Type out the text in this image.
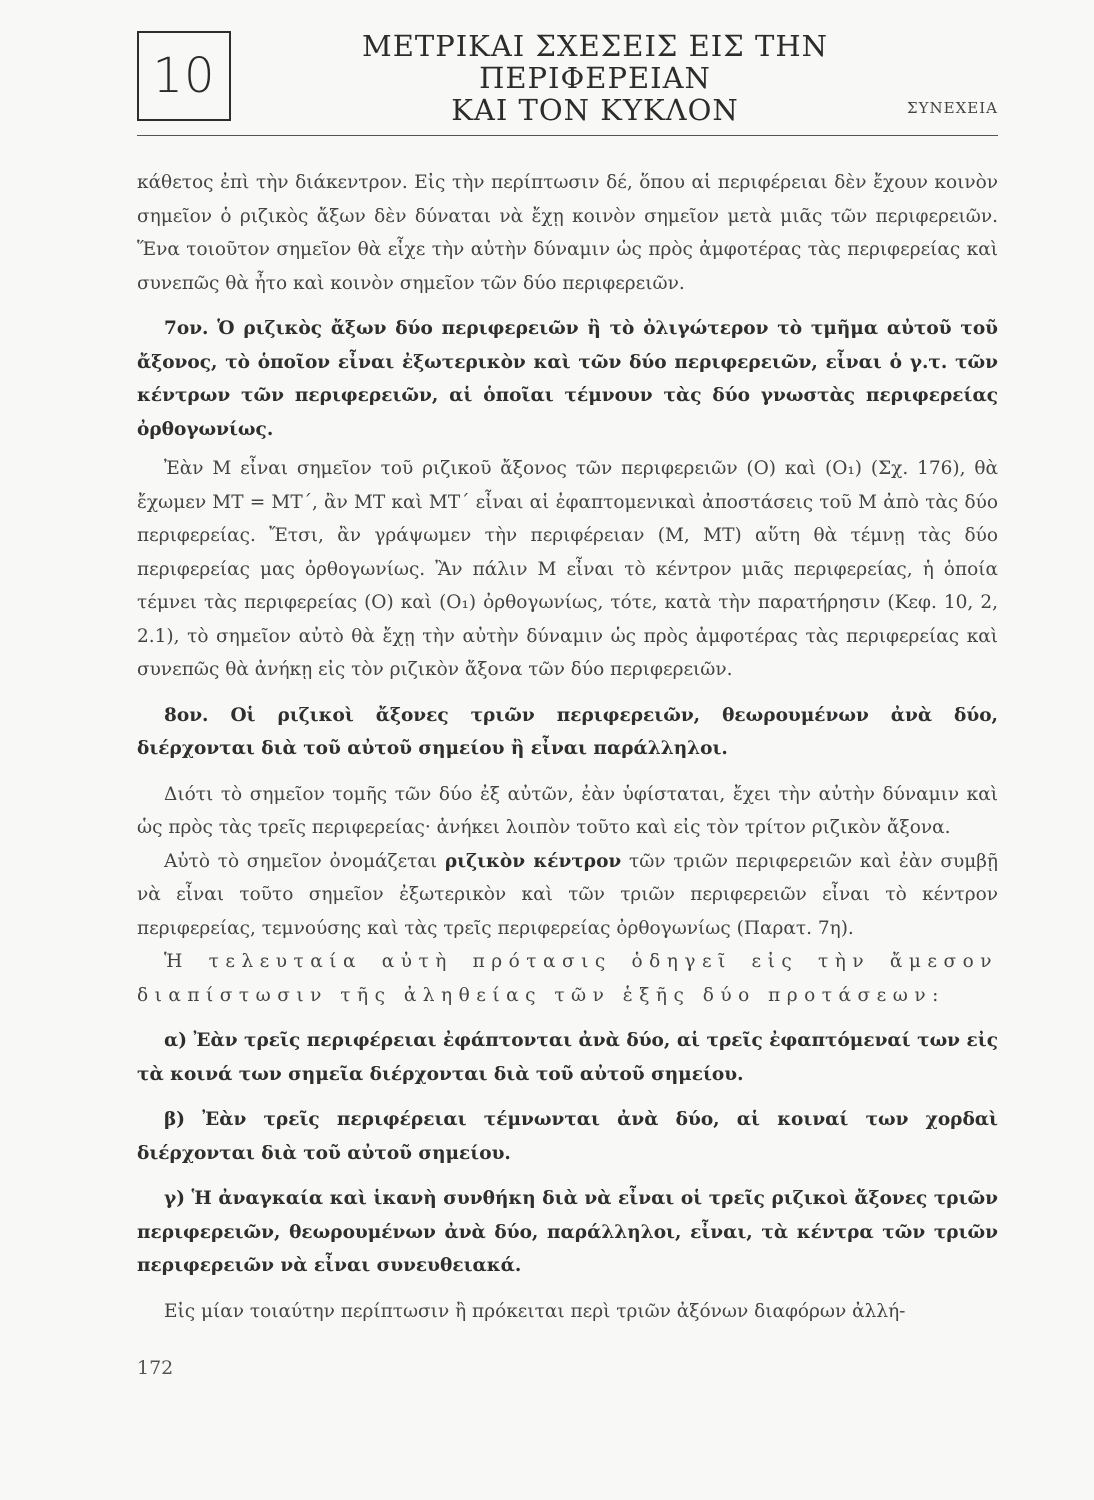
10
ΜΕΤΡΙΚΑΙ ΣΧΕΣΕΙΣ ΕΙΣ ΤΗΝ ΠΕΡΙΦΕΡΕΙΑΝ
ΚΑΙ ΤΟΝ ΚΥΚΛΟΝ	ΣΥΝΕΧΕΙΑ

κάθετος ἐπὶ τὴν διάκεντρον. Εἰς τὴν περίπτωσιν δέ, ὅπου αἱ περιφέρειαι δὲν ἔχουν κοινὸν σημεῖον ὁ ριζικὸς ἄξων δὲν δύναται νὰ ἔχῃ κοινὸν σημεῖον μετὰ μιᾶς τῶν περιφερειῶν. Ἕνα τοιοῦτον σημεῖον θὰ εἶχε τὴν αὐτὴν δύναμιν ὡς πρὸς ἀμφοτέρας τὰς περιφερείας καὶ συνεπῶς θὰ ἦτο καὶ κοινὸν σημεῖον τῶν δύο περιφερειῶν.

7ον. Ὁ ριζικὸς ἄξων δύο περιφερειῶν ἢ τὸ ὀλιγώτερον τὸ τμῆμα αὐτοῦ τοῦ ἄξονος, τὸ ὁποῖον εἶναι ἐξωτερικὸν καὶ τῶν δύο περιφερειῶν, εἶναι ὁ γ.τ. τῶν κέντρων τῶν περιφερειῶν, αἱ ὁποῖαι τέμνουν τὰς δύο γνωστὰς περιφερείας ὀρθογωνίως.

Ἐὰν Μ εἶναι σημεῖον τοῦ ριζικοῦ ἄξονος τῶν περιφερειῶν (Ο) καὶ (Ο₁) (Σχ. 176), θὰ ἔχωμεν ΜΤ = ΜΤ΄, ἂν ΜΤ καὶ ΜΤ΄ εἶναι αἱ ἐφαπτομενικαὶ ἀποστάσεις τοῦ Μ ἀπὸ τὰς δύο περιφερείας. Ἔτσι, ἂν γράψωμεν τὴν περιφέρειαν (Μ, ΜΤ) αὕτη θὰ τέμνῃ τὰς δύο περιφερείας μας ὀρθογωνίως. Ἂν πάλιν Μ εἶναι τὸ κέντρον μιᾶς περιφερείας, ἡ ὁποία τέμνει τὰς περιφερείας (Ο) καὶ (Ο₁) ὀρθογωνίως, τότε, κατὰ τὴν παρατήρησιν (Κεφ. 10, 2, 2.1), τὸ σημεῖον αὐτὸ θὰ ἔχῃ τὴν αὐτὴν δύναμιν ὡς πρὸς ἀμφοτέρας τὰς περιφερείας καὶ συνεπῶς θὰ ἀνήκῃ εἰς τὸν ριζικὸν ἄξονα τῶν δύο περιφερειῶν.

8ον. Οἱ ριζικοὶ ἄξονες τριῶν περιφερειῶν, θεωρουμένων ἀνὰ δύο, διέρχονται διὰ τοῦ αὐτοῦ σημείου ἢ εἶναι παράλληλοι.

Διότι τὸ σημεῖον τομῆς τῶν δύο ἐξ αὐτῶν, ἐὰν ὑφίσταται, ἔχει τὴν αὐτὴν δύναμιν καὶ ὡς πρὸς τὰς τρεῖς περιφερείας· ἀνήκει λοιπὸν τοῦτο καὶ εἰς τὸν τρίτον ριζικὸν ἄξονα.

Αὐτὸ τὸ σημεῖον ὀνομάζεται ριζικὸν κέντρον τῶν τριῶν περιφερειῶν καὶ ἐὰν συμβῇ νὰ εἶναι τοῦτο σημεῖον ἐξωτερικὸν καὶ τῶν τριῶν περιφερειῶν εἶναι τὸ κέντρον περιφερείας, τεμνούσης καὶ τὰς τρεῖς περιφερείας ὀρθογωνίως (Παρατ. 7η).

Ἡ τελευταία αὐτὴ πρότασις ὁδηγεῖ εἰς τὴν ἄμεσον διαπίστωσιν τῆς ἀληθείας τῶν ἑξῆς δύο προτάσεων:

α) Ἐὰν τρεῖς περιφέρειαι ἐφάπτονται ἀνὰ δύο, αἱ τρεῖς ἐφαπτόμεναί των εἰς τὰ κοινά των σημεῖα διέρχονται διὰ τοῦ αὐτοῦ σημείου.

β) Ἐὰν τρεῖς περιφέρειαι τέμνωνται ἀνὰ δύο, αἱ κοιναί των χορδαὶ διέρχονται διὰ τοῦ αὐτοῦ σημείου.

γ) Ἡ ἀναγκαία καὶ ἱκανὴ συνθήκη διὰ νὰ εἶναι οἱ τρεῖς ριζικοὶ ἄξονες τριῶν περιφερειῶν, θεωρουμένων ἀνὰ δύο, παράλληλοι, εἶναι, τὰ κέντρα τῶν τριῶν περιφερειῶν νὰ εἶναι συνευθειακά.

Εἰς μίαν τοιαύτην περίπτωσιν ἢ πρόκειται περὶ τριῶν ἀξόνων διαφόρων ἀλλή-

172
